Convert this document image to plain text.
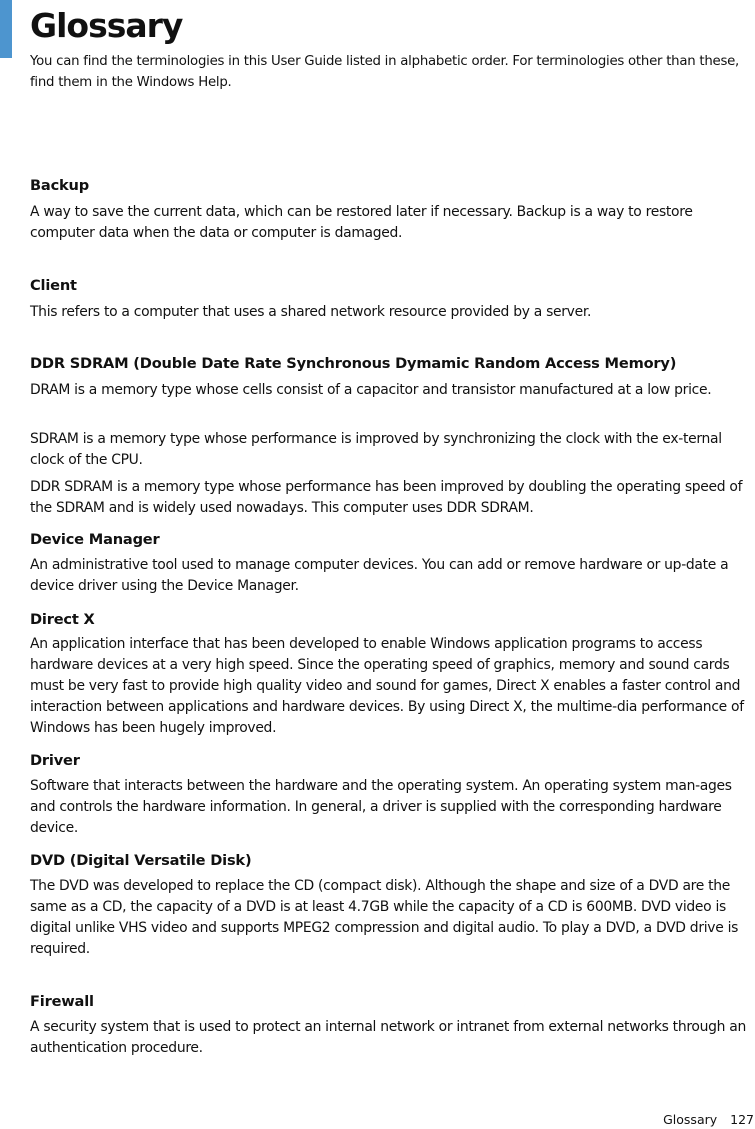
Glossary

You can find the terminologies in this User Guide listed in alphabetic order. For terminologies other than these, find them in the Windows Help.

Backup

A way to save the current data, which can be restored later if necessary. Backup is a way to restore computer data when the data or computer is damaged.

Client

This refers to a computer that uses a shared network resource provided by a server.

DDR SDRAM (Double Date Rate Synchronous Dymamic Random Access Memory)

DRAM is a memory type whose cells consist of a capacitor and transistor manufactured at a low price.

SDRAM is a memory type whose performance is improved by synchronizing the clock with the ex-ternal clock of the CPU.

DDR SDRAM is a memory type whose performance has been improved by doubling the operating speed of the SDRAM and is widely used nowadays. This computer uses DDR SDRAM.

Device Manager

An administrative tool used to manage computer devices. You can add or remove hardware or up-date a device driver using the Device Manager.

Direct X

An application interface that has been developed to enable Windows application programs to access hardware devices at a very high speed. Since the operating speed of graphics, memory and sound cards must be very fast to provide high quality video and sound for games, Direct X enables a faster control and interaction between applications and hardware devices. By using Direct X, the multime-dia performance of Windows has been hugely improved.

Driver

Software that interacts between the hardware and the operating system. An operating system man-ages and controls the hardware information. In general, a driver is supplied with the corresponding hardware device.

DVD (Digital Versatile Disk)

The DVD was developed to replace the CD (compact disk). Although the shape and size of a DVD are the same as a CD, the capacity of a DVD is at least 4.7GB while the capacity of a CD is 600MB. DVD video is digital unlike VHS video and supports MPEG2 compression and digital audio. To play a DVD, a DVD drive is required.

Firewall

A security system that is used to protect an internal network or intranet from external networks through an authentication procedure.

Glossary 127
